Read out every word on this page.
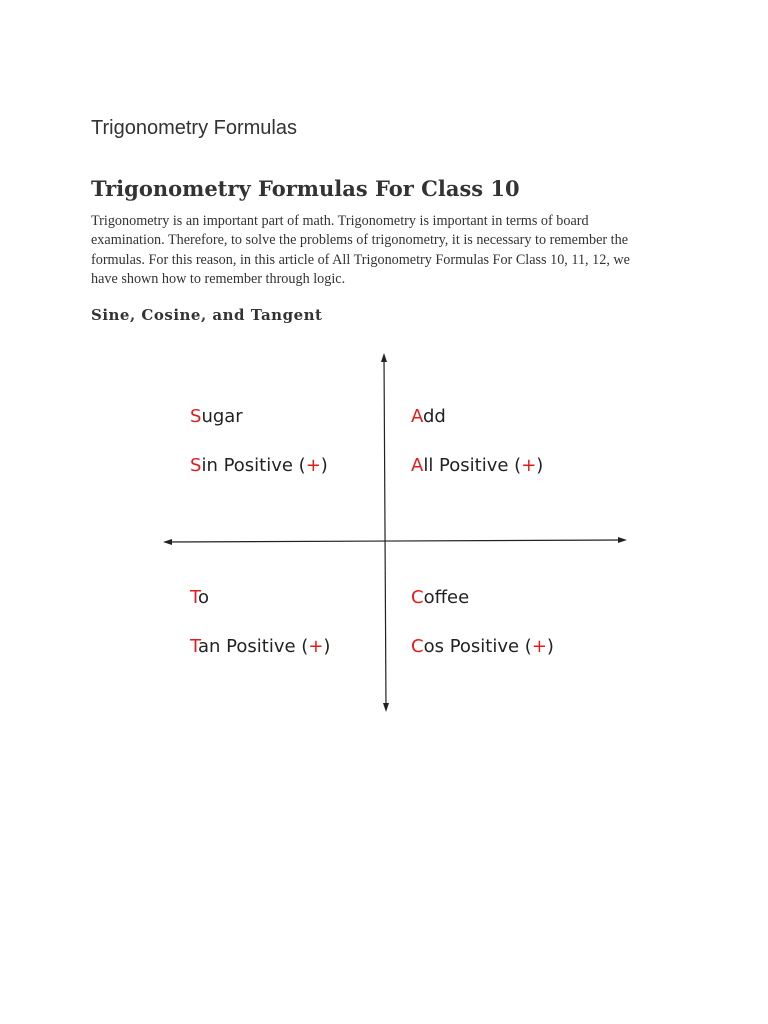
Trigonometry Formulas
Trigonometry Formulas For Class 10
Trigonometry is an important part of math. Trigonometry is important in terms of board
examination. Therefore, to solve the problems of trigonometry, it is necessary to remember the
formulas. For this reason, in this article of All Trigonometry Formulas For Class 10, 11, 12, we
have shown how to remember through logic.
Sine, Cosine, and Tangent
Sugar
Sin Positive (+)
Add
All Positive (+)
To
Tan Positive (+)
Coffee
Cos Positive (+)
